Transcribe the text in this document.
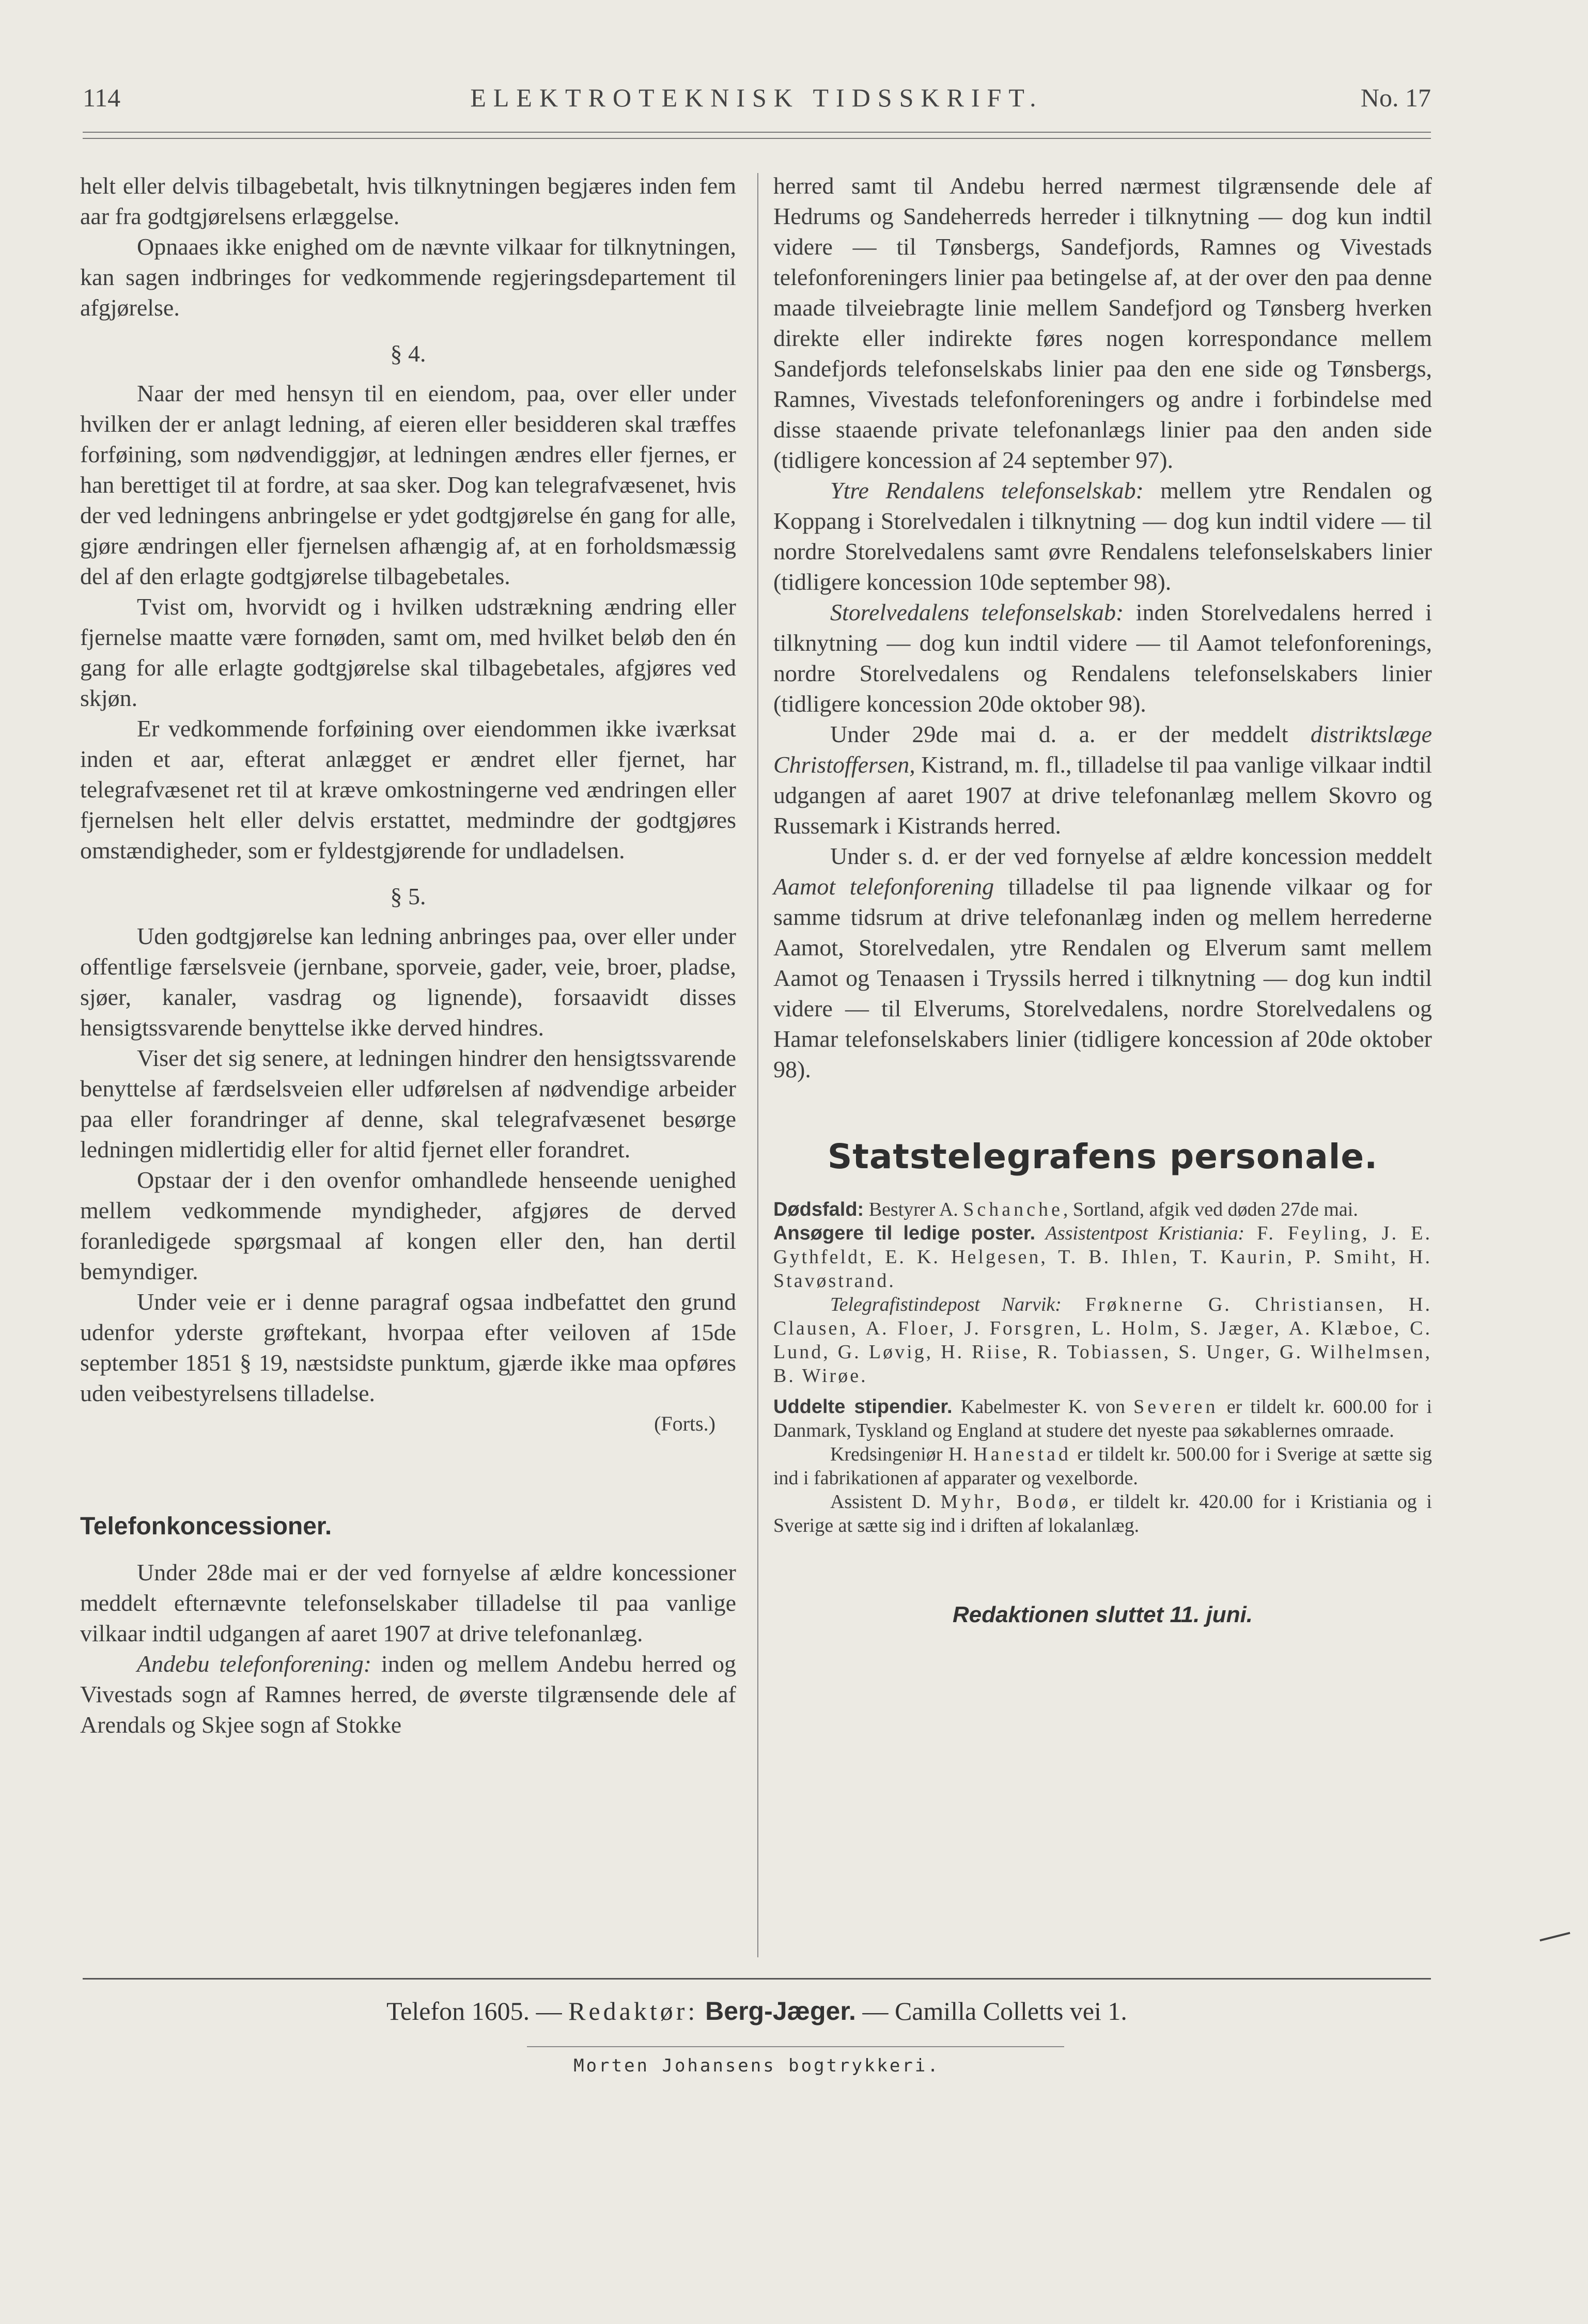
114	ELEKTROTEKNISK TIDSSKRIFT.	No. 17

helt eller delvis tilbagebetalt, hvis tilknytningen begjæres inden fem aar fra godtgjørelsens erlæggelse.

Opnaaes ikke enighed om de nævnte vilkaar for tilknytningen, kan sagen indbringes for vedkommende regjeringsdepartement til afgjørelse.

§ 4.

Naar der med hensyn til en eiendom, paa, over eller under hvilken der er anlagt ledning, af eieren eller besidderen skal træffes forføining, som nødvendiggjør, at ledningen ændres eller fjernes, er han berettiget til at fordre, at saa sker. Dog kan telegrafvæsenet, hvis der ved ledningens anbringelse er ydet godtgjørelse én gang for alle, gjøre ændringen eller fjernelsen afhængig af, at en forholdsmæssig del af den erlagte godtgjørelse tilbagebetales.

Tvist om, hvorvidt og i hvilken udstrækning ændring eller fjernelse maatte være fornøden, samt om, med hvilket beløb den én gang for alle erlagte godtgjørelse skal tilbagebetales, afgjøres ved skjøn.

Er vedkommende forføining over eiendommen ikke iværksat inden et aar, efterat anlægget er ændret eller fjernet, har telegrafvæsenet ret til at kræve omkostningerne ved ændringen eller fjernelsen helt eller delvis erstattet, medmindre der godtgjøres omstændigheder, som er fyldestgjørende for undladelsen.

§ 5.

Uden godtgjørelse kan ledning anbringes paa, over eller under offentlige færselsveie (jernbane, sporveie, gader, veie, broer, pladse, sjøer, kanaler, vasdrag og lignende), forsaavidt disses hensigtssvarende benyttelse ikke derved hindres.

Viser det sig senere, at ledningen hindrer den hensigtssvarende benyttelse af færdselsveien eller udførelsen af nødvendige arbeider paa eller forandringer af denne, skal telegrafvæsenet besørge ledningen midlertidig eller for altid fjernet eller forandret.

Opstaar der i den ovenfor omhandlede henseende uenighed mellem vedkommende myndigheder, afgjøres de derved foranledigede spørgsmaal af kongen eller den, han dertil bemyndiger.

Under veie er i denne paragraf ogsaa indbefattet den grund udenfor yderste grøftekant, hvorpaa efter veiloven af 15de september 1851 § 19, næstsidste punktum, gjærde ikke maa opføres uden veibestyrelsens tilladelse.

(Forts.)
Telefonkoncessioner.

Under 28de mai er der ved fornyelse af ældre koncessioner meddelt efternævnte telefonselskaber tilladelse til paa vanlige vilkaar indtil udgangen af aaret 1907 at drive telefonanlæg.

Andebu telefonforening: inden og mellem Andebu herred og Vivestads sogn af Ramnes herred, de øverste tilgrænsende dele af Arendals og Skjee sogn af Stokke

herred samt til Andebu herred nærmest tilgrænsende dele af Hedrums og Sandeherreds herreder i tilknytning — dog kun indtil videre — til Tønsbergs, Sandefjords, Ramnes og Vivestads telefonforeningers linier paa betingelse af, at der over den paa denne maade tilveiebragte linie mellem Sandefjord og Tønsberg hverken direkte eller indirekte føres nogen korrespondance mellem Sandefjords telefonselskabs linier paa den ene side og Tønsbergs, Ramnes, Vivestads telefonforeningers og andre i forbindelse med disse staaende private telefonanlægs linier paa den anden side (tidligere koncession af 24 september 97).

Ytre Rendalens telefonselskab: mellem ytre Rendalen og Koppang i Storelvedalen i tilknytning — dog kun indtil videre — til nordre Storelvedalens samt øvre Rendalens telefonselskabers linier (tidligere koncession 10de september 98).

Storelvedalens telefonselskab: inden Storelvedalens herred i tilknytning — dog kun indtil videre — til Aamot telefonforenings, nordre Storelvedalens og Rendalens telefonselskabers linier (tidligere koncession 20de oktober 98).

Under 29de mai d. a. er der meddelt distriktslæge Christoffersen, Kistrand, m. fl., tilladelse til paa vanlige vilkaar indtil udgangen af aaret 1907 at drive telefonanlæg mellem Skovro og Russemark i Kistrands herred.

Under s. d. er der ved fornyelse af ældre koncession meddelt Aamot telefonforening tilladelse til paa lignende vilkaar og for samme tidsrum at drive telefonanlæg inden og mellem herrederne Aamot, Storelvedalen, ytre Rendalen og Elverum samt mellem Aamot og Tenaasen i Tryssils herred i tilknytning — dog kun indtil videre — til Elverums, Storelvedalens, nordre Storelvedalens og Hamar telefonselskabers linier (tidligere koncession af 20de oktober 98).

Statstelegrafens personale.

Dødsfald: Bestyrer A. Schanche, Sortland, afgik ved døden 27de mai.

Ansøgere til ledige poster. Assistentpost Kristiania: F. Feyling, J. E. Gythfeldt, E. K. Helgesen, T. B. Ihlen, T. Kaurin, P. Smiht, H. Stavøstrand.

Telegrafistindepost Narvik: Frøknerne G. Christiansen, H. Clausen, A. Floer, J. Forsgren, L. Holm, S. Jæger, A. Klæboe, C. Lund, G. Løvig, H. Riise, R. Tobiassen, S. Unger, G. Wilhelmsen, B. Wirøe.

Uddelte stipendier. Kabelmester K. von Severen er tildelt kr. 600.00 for i Danmark, Tyskland og England at studere det nyeste paa søkablernes omraade.

Kredsingeniør H. Hanestad er tildelt kr. 500.00 for i Sverige at sætte sig ind i fabrikationen af apparater og vexelborde.

Assistent D. Myhr, Bodø, er tildelt kr. 420.00 for i Kristiania og i Sverige at sætte sig ind i driften af lokalanlæg.

Redaktionen sluttet 11. juni.
Telefon 1605. — Redaktør: Berg-Jæger. — Camilla Colletts vei 1.
Morten Johansens bogtrykkeri.
